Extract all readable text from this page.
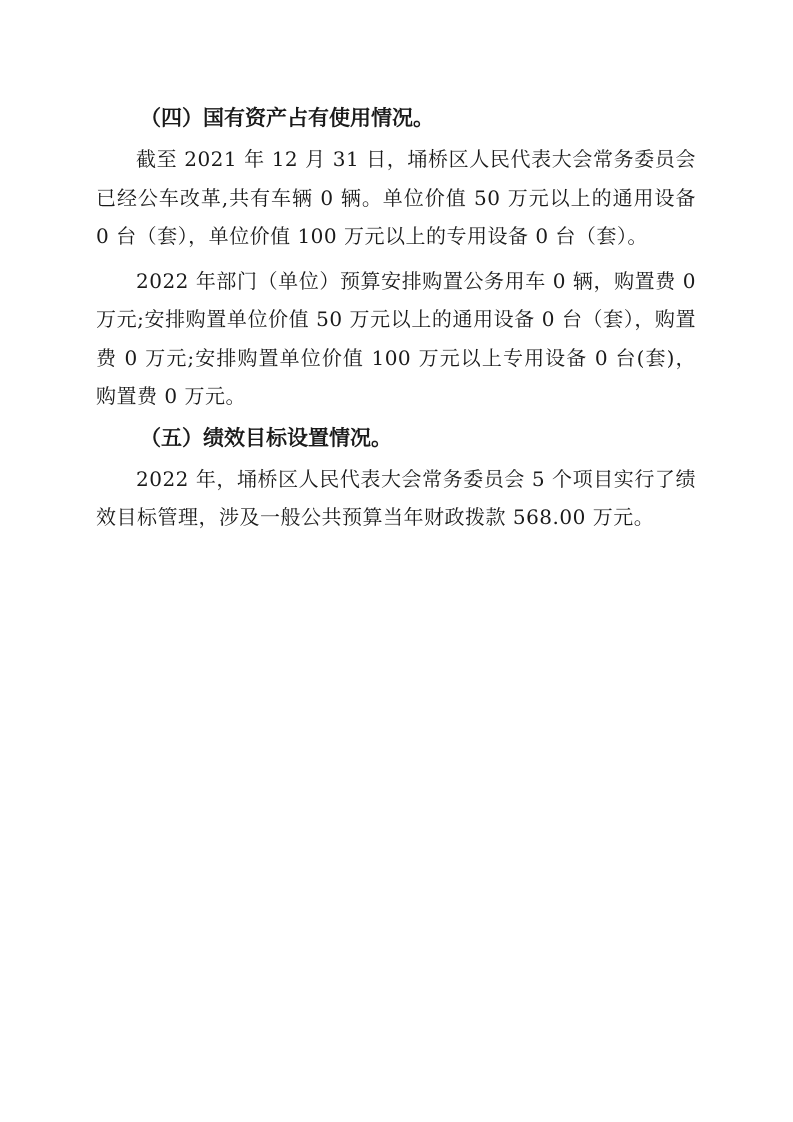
（四）国有资产占有使用情况。

截至 2021 年 12 月 31 日，埇桥区人民代表大会常务委员会已经公车改革,共有车辆 0 辆。单位价值 50 万元以上的通用设备 0 台（套），单位价值 100 万元以上的专用设备 0 台（套）。

2022 年部门（单位）预算安排购置公务用车 0 辆，购置费 0 万元;安排购置单位价值 50 万元以上的通用设备 0 台（套），购置费 0 万元;安排购置单位价值 100 万元以上专用设备 0 台(套)，购置费 0 万元。

（五）绩效目标设置情况。

2022 年，埇桥区人民代表大会常务委员会 5 个项目实行了绩效目标管理，涉及一般公共预算当年财政拨款 568.00 万元。
